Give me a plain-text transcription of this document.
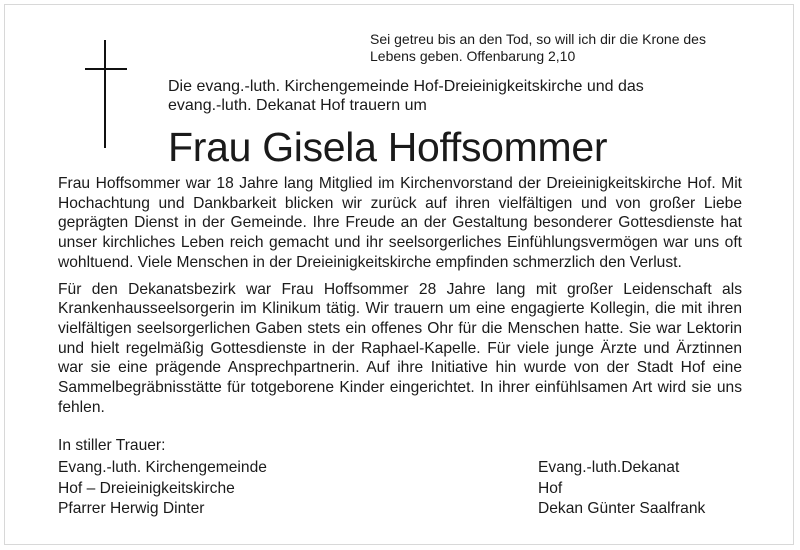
Sei getreu bis an den Tod, so will ich dir die Krone des
Lebens geben. Offenbarung 2,10
Die evang.-luth. Kirchengemeinde Hof-Dreieinigkeitskirche und das
evang.-luth. Dekanat Hof trauern um
Frau Gisela Hoffsommer

Frau Hoffsommer war 18 Jahre lang Mitglied im Kirchenvorstand der Dreieinigkeitskirche Hof. Mit Hochachtung und Dankbarkeit blicken wir zurück auf ihren vielfältigen und von großer Liebe geprägten Dienst in der Gemeinde. Ihre Freude an der Gestaltung besonderer Gottesdienste hat unser kirchliches Leben reich gemacht und ihr seelsorgerliches Einfühlungsvermögen war uns oft wohltuend. Viele Menschen in der Dreieinigkeitskirche empfinden schmerzlich den Verlust.

Für den Dekanatsbezirk war Frau Hoffsommer 28 Jahre lang mit großer Leidenschaft als Krankenhausseelsorgerin im Klinikum tätig. Wir trauern um eine engagierte Kollegin, die mit ihren vielfältigen seelsorgerlichen Gaben stets ein offenes Ohr für die Menschen hatte. Sie war Lektorin und hielt regelmäßig Gottesdienste in der Raphael-Kapelle. Für viele junge Ärzte und Ärztinnen war sie eine prägende Ansprechpartnerin. Auf ihre Initiative hin wurde von der Stadt Hof eine Sammelbegräbnisstätte für totgeborene Kinder eingerichtet. In ihrer einfühlsamen Art wird sie uns fehlen.

In stiller Trauer:
Evang.-luth. Kirchengemeinde
Hof – Dreieinigkeitskirche
Pfarrer Herwig Dinter
Evang.-luth.Dekanat
Hof
Dekan Günter Saalfrank
